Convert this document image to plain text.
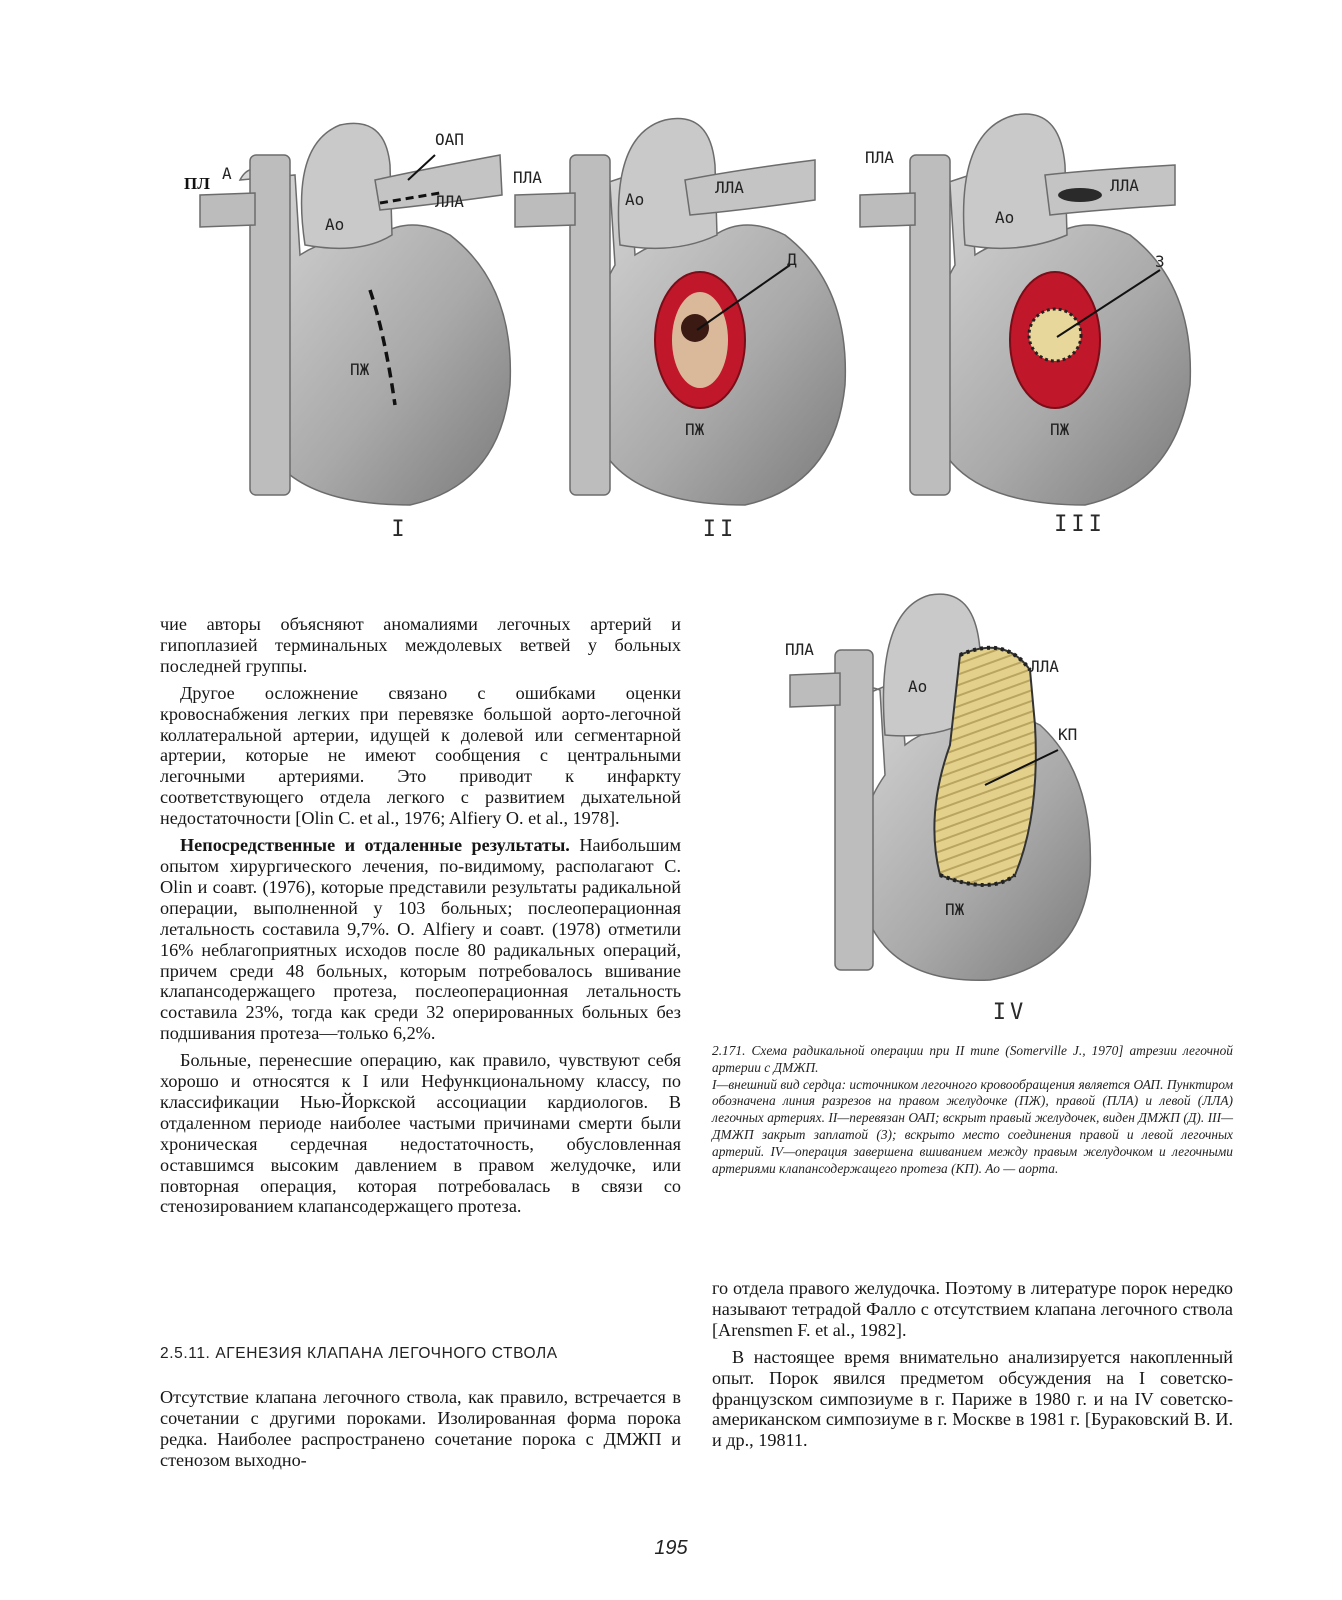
ПЛ
А
ОАП
ЛЛА
Ао
ПЖ
I
ПЛА
Ао
ЛЛА
Д
ПЖ
II
ПЛА
ЛЛА
Ао
З
ПЖ
III
ПЛА
Ао
ЛЛА
КП
ПЖ
IV

2.171. Схема радикальной операции при II типе (Somerville J., 1970] атрезии легочной артерии с ДМЖП.

I—внешний вид сердца: источником легочного кровообращения является ОАП. Пунктиром обозначена линия разрезов на правом желудочке (ПЖ), правой (ПЛА) и левой (ЛЛА) легочных артериях. II—перевязан ОАП; вскрыт правый желудочек, виден ДМЖП (Д). III—ДМЖП закрыт заплатой (3); вскрыто место соединения правой и левой легочных артерий. IV—операция завершена вшиванием между правым желудочком и легочными артериями клапансодержащего протеза (КП). Ао — аорта.

чие авторы объясняют аномалиями легочных артерий и гипоплазией терминальных междолевых ветвей у больных последней группы.

Другое осложнение связано с ошибками оценки кровоснабжения легких при перевязке большой аорто-легочной коллатеральной артерии, идущей к долевой или сегментарной артерии, которые не имеют сообщения с центральными легочными артериями. Это приводит к инфаркту соответствующего отдела легкого с развитием дыхательной недостаточности [Olin C. et al., 1976; Alfiery O. et al., 1978].

Непосредственные и отдаленные результаты. Наибольшим опытом хирургического лечения, по-видимому, располагают С. Olin и соавт. (1976), которые представили результаты радикальной операции, выполненной у 103 больных; послеоперационная летальность составила 9,7%. О. Alfiery и соавт. (1978) отметили 16% неблагоприятных исходов после 80 радикальных операций, причем среди 48 больных, которым потребовалось вшивание клапансодержащего протеза, послеоперационная летальность составила 23%, тогда как среди 32 оперированных больных без подшивания протеза—только 6,2%.

Больные, перенесшие операцию, как правило, чувствуют себя хорошо и относятся к I или Нефункциональному классу, по классификации Нью-Йоркской ассоциации кардиологов. В отдаленном периоде наиболее частыми причинами смерти были хроническая сердечная недостаточность, обусловленная оставшимся высоким давлением в правом желудочке, или повторная операция, которая потребовалась в связи со стенозированием клапансодержащего протеза.

2.5.11. АГЕНЕЗИЯ КЛАПАНА ЛЕГОЧНОГО СТВОЛА

Отсутствие клапана легочного ствола, как правило, встречается в сочетании с другими пороками. Изолированная форма порока редка. Наиболее распространено сочетание порока с ДМЖП и стенозом выходно-

го отдела правого желудочка. Поэтому в литературе порок нередко называют тетрадой Фалло с отсутствием клапана легочного ствола [Arensmen F. et al., 1982].

В настоящее время внимательно анализируется накопленный опыт. Порок явился предметом обсуждения на I советско-французском симпозиуме в г. Париже в 1980 г. и на IV советско-американском симпозиуме в г. Москве в 1981 г. [Бураковский В. И. и др., 19811.

195
